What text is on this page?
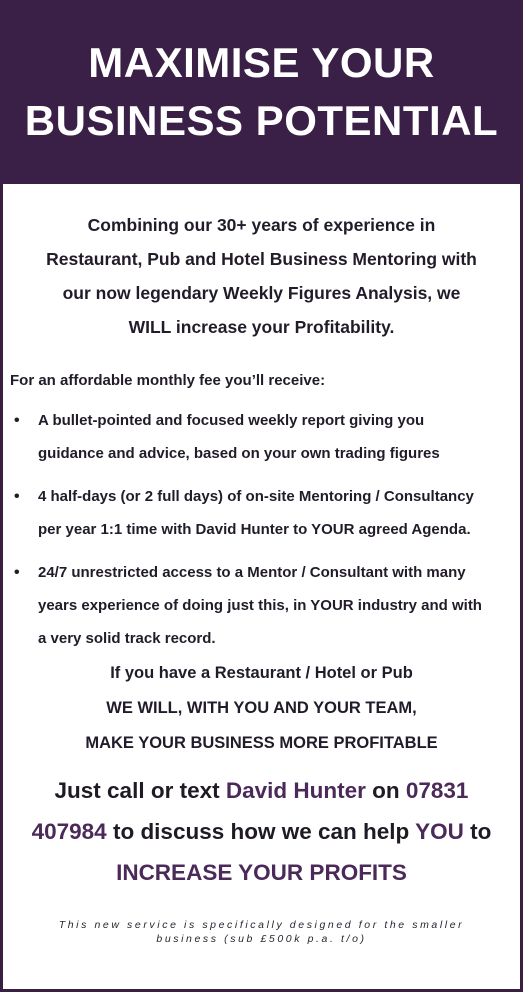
MAXIMISE YOUR
BUSINESS POTENTIAL
Combining our 30+ years of experience in
Restaurant, Pub and Hotel Business Mentoring with
our now legendary Weekly Figures Analysis, we
WILL increase your Profitability.
For an affordable monthly fee you’ll receive:
• A bullet-pointed and focused weekly report giving you
guidance and advice, based on your own trading figures
• 4 half-days (or 2 full days) of on-site Mentoring / Consultancy
per year 1:1 time with David Hunter to YOUR agreed Agenda.
• 24/7 unrestricted access to a Mentor / Consultant with many
years experience of doing just this, in YOUR industry and with
a very solid track record.
If you have a Restaurant / Hotel or Pub
WE WILL, WITH YOU AND YOUR TEAM,
MAKE YOUR BUSINESS MORE PROFITABLE
Just call or text David Hunter on 07831
407984 to discuss how we can help YOU to
INCREASE YOUR PROFITS
This new service is specifically designed for the smaller
business (sub £500k p.a. t/o)
